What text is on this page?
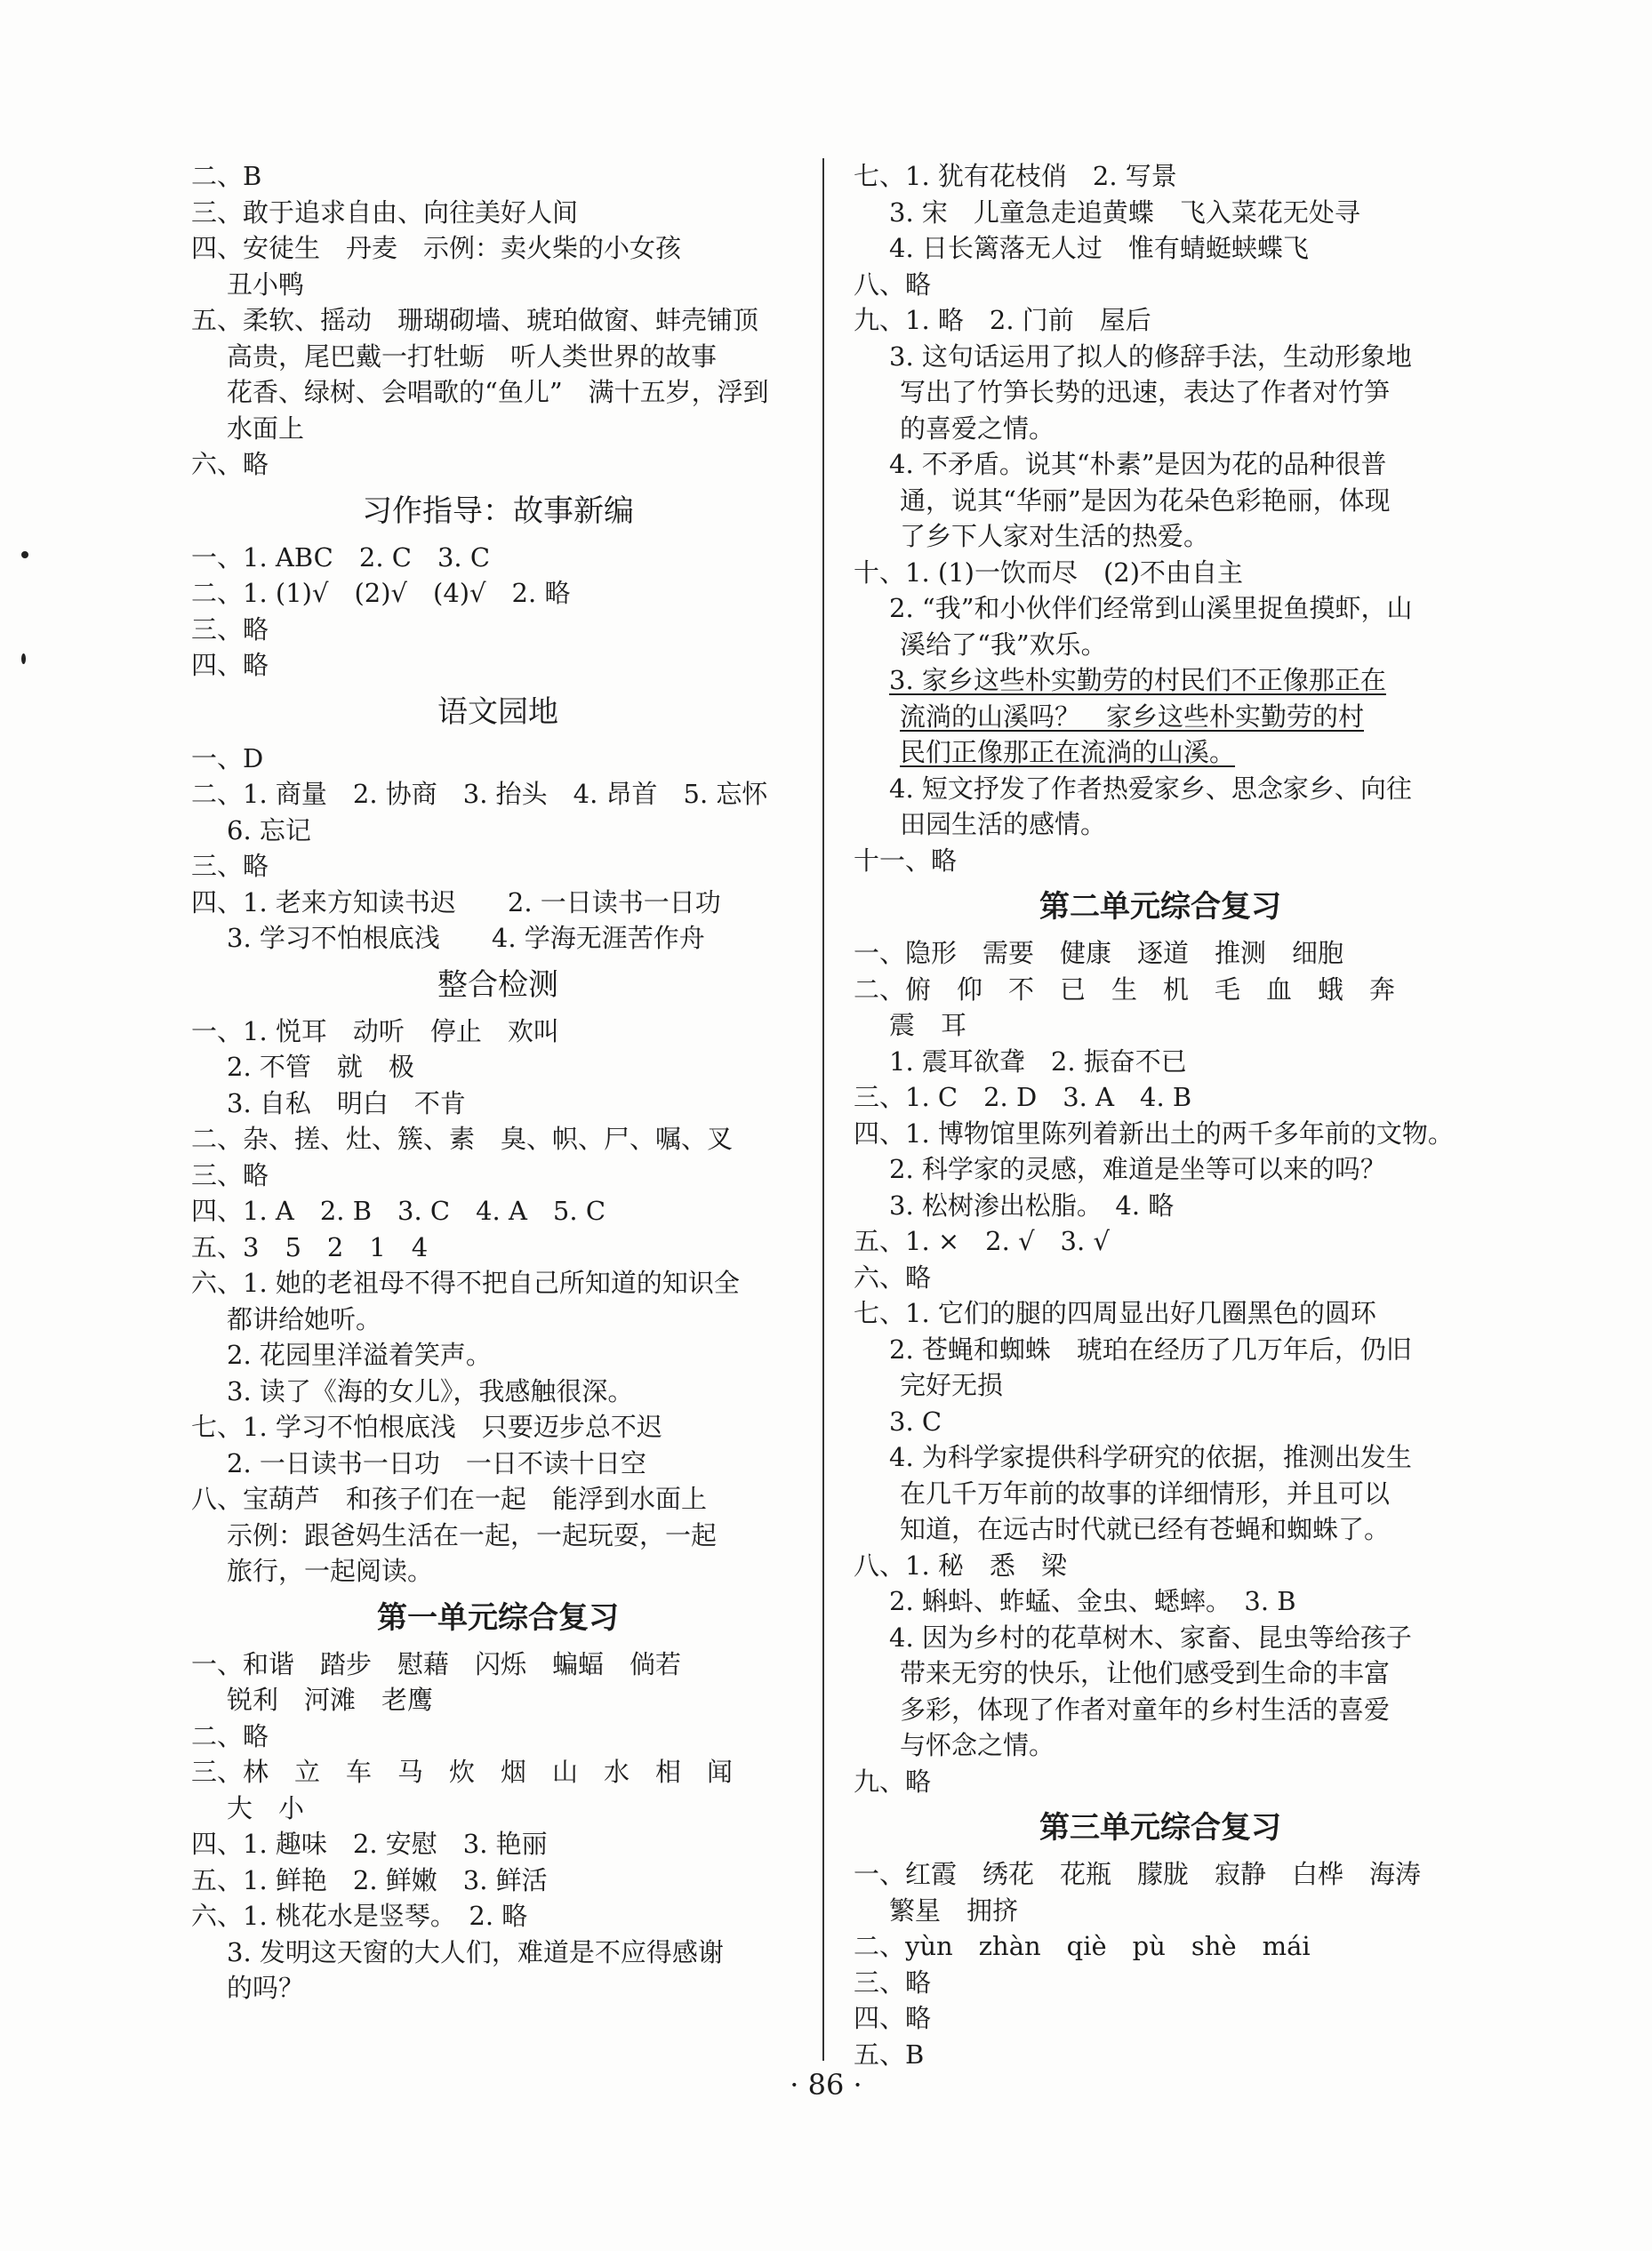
二、B
三、敢于追求自由、向往美好人间
四、安徒生　丹麦　示例：卖火柴的小女孩
丑小鸭
五、柔软、摇动　珊瑚砌墙、琥珀做窗、蚌壳铺顶
高贵，尾巴戴一打牡蛎　听人类世界的故事
花香、绿树、会唱歌的“鱼儿”　满十五岁，浮到
水面上
六、略
习作指导：故事新编
一、1. ABC　2. C　3. C
二、1. (1)√　(2)√　(4)√　2. 略
三、略
四、略
语文园地
一、D
二、1. 商量　2. 协商　3. 抬头　4. 昂首　5. 忘怀
6. 忘记
三、略
四、1. 老来方知读书迟　　2. 一日读书一日功
3. 学习不怕根底浅　　4. 学海无涯苦作舟
整合检测
一、1. 悦耳　动听　停止　欢叫
2. 不管　就　极
3. 自私　明白　不肯
二、杂、搓、灶、簇、素　臭、帜、尸、嘱、叉
三、略
四、1. A　2. B　3. C　4. A　5. C
五、3　5　2　1　4
六、1. 她的老祖母不得不把自己所知道的知识全
都讲给她听。
2. 花园里洋溢着笑声。
3. 读了《海的女儿》，我感触很深。
七、1. 学习不怕根底浅　只要迈步总不迟
2. 一日读书一日功　一日不读十日空
八、宝葫芦　和孩子们在一起　能浮到水面上
示例：跟爸妈生活在一起，一起玩耍，一起
旅行，一起阅读。
第一单元综合复习
一、和谐　踏步　慰藉　闪烁　蝙蝠　倘若
锐利　河滩　老鹰
二、略
三、林　立　车　马　炊　烟　山　水　相　闻
大　小
四、1. 趣味　2. 安慰　3. 艳丽
五、1. 鲜艳　2. 鲜嫩　3. 鲜活
六、1. 桃花水是竖琴。　2. 略
3. 发明这天窗的大人们，难道是不应得感谢
的吗？
七、1. 犹有花枝俏　2. 写景
3. 宋　儿童急走追黄蝶　飞入菜花无处寻
4. 日长篱落无人过　惟有蜻蜓蛱蝶飞
八、略
九、1. 略　2. 门前　屋后
3. 这句话运用了拟人的修辞手法，生动形象地
写出了竹笋长势的迅速，表达了作者对竹笋
的喜爱之情。
4. 不矛盾。说其“朴素”是因为花的品种很普
通，说其“华丽”是因为花朵色彩艳丽，体现
了乡下人家对生活的热爱。
十、1. (1)一饮而尽　(2)不由自主
2. “我”和小伙伴们经常到山溪里捉鱼摸虾，山
溪给了“我”欢乐。
3. 家乡这些朴实勤劳的村民们不正像那正在
流淌的山溪吗？　家乡这些朴实勤劳的村
民们正像那正在流淌的山溪。
4. 短文抒发了作者热爱家乡、思念家乡、向往
田园生活的感情。
十一、略
第二单元综合复习
一、隐形　需要　健康　逐道　推测　细胞
二、俯　仰　不　已　生　机　毛　血　蛾　奔
震　耳
1. 震耳欲聋　2. 振奋不已
三、1. C　2. D　3. A　4. B
四、1. 博物馆里陈列着新出土的两千多年前的文物。
2. 科学家的灵感，难道是坐等可以来的吗？
3. 松树渗出松脂。　4. 略
五、1. ×　2. √　3. √
六、略
七、1. 它们的腿的四周显出好几圈黑色的圆环
2. 苍蝇和蜘蛛　琥珀在经历了几万年后，仍旧
完好无损
3. C
4. 为科学家提供科学研究的依据，推测出发生
在几千万年前的故事的详细情形，并且可以
知道，在远古时代就已经有苍蝇和蜘蛛了。
八、1. 秘　悉　梁
2. 蝌蚪、蚱蜢、金虫、蟋蟀。　3. B
4. 因为乡村的花草树木、家畜、昆虫等给孩子
带来无穷的快乐，让他们感受到生命的丰富
多彩，体现了作者对童年的乡村生活的喜爱
与怀念之情。
九、略
第三单元综合复习
一、红霞　绣花　花瓶　朦胧　寂静　白桦　海涛
繁星　拥挤
二、yùn　zhàn　qiè　pù　shè　mái
三、略
四、略
五、B
· 86 ·
